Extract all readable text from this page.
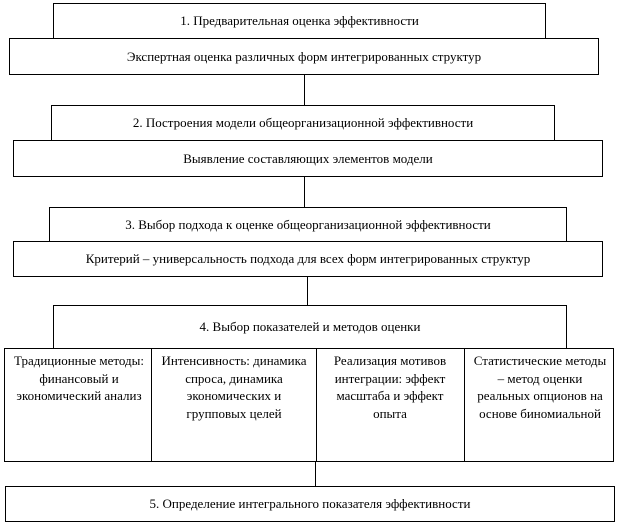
1. Предварительная оценка эффективности
Экспертная оценка различных форм интегрированных структур
2. Построения модели общеорганизационной эффективности
Выявление составляющих элементов модели
3. Выбор подхода к оценке общеорганизационной эффективности
Критерий – универсальность подхода для всех форм интегрированных структур
4. Выбор показателей и методов оценки
Традиционные методы: финансовый и экономический анализ
Интенсивность: динамика спроса, динамика экономических и групповых целей
Реализация мотивов интеграции: эффект масштаба и эффект опыта
Статистические методы – метод оценки реальных опционов на основе биномиальной
5. Определение интегрального показателя эффективности
